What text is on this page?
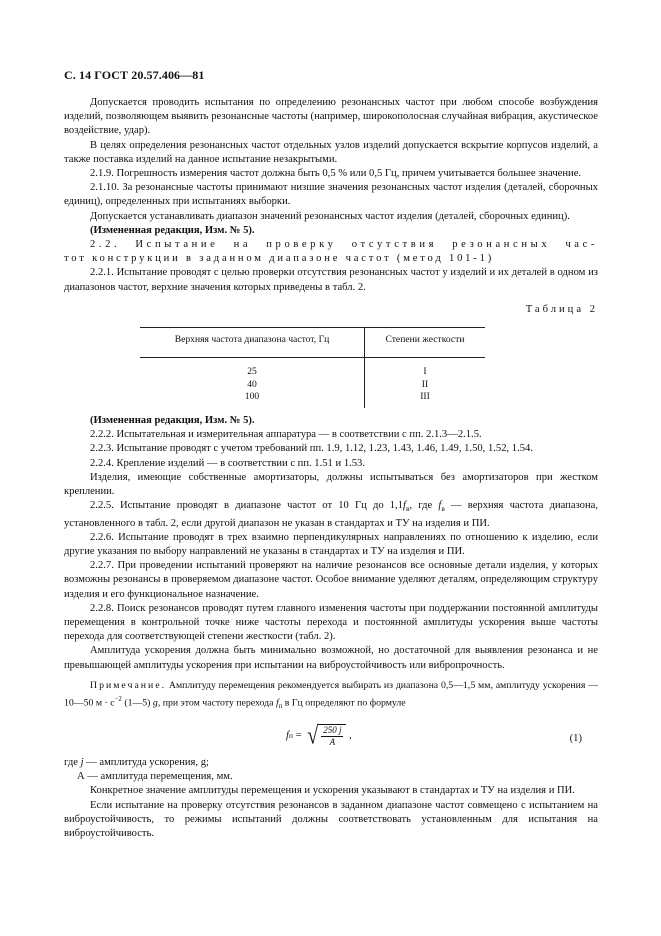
С. 14 ГОСТ 20.57.406—81

Допускается проводить испытания по определению резонансных частот при любом способе возбуждения изделий, позволяющем выявить резонансные частоты (например, широкополосная случайная вибрация, акустическое воздействие, удар).

В целях определения резонансных частот отдельных узлов изделий допускается вскрытие корпусов изделий, а также поставка изделий на данное испытание незакрытыми.

2.1.9. Погрешность измерения частот должна быть 0,5 % или 0,5 Гц, причем учитывается большее значение.

2.1.10. За резонансные частоты принимают низшие значения резонансных частот изделия (деталей, сборочных единиц), определенных при испытаниях выборки.

Допускается устанавливать диапазон значений резонансных частот изделия (деталей, сборочных единиц).

(Измененная редакция, Изм. № 5).

2.2. Испытание на проверку отсутствия резонансных час-

тот конструкции в заданном диапазоне частот (метод 101-1)

2.2.1. Испытание проводят с целью проверки отсутствия резонансных частот у изделий и их деталей в одном из диапазонов частот, верхние значения которых приведены в табл. 2.

Таблица 2
Верхняя частота диапазона частот, Гц	Степени жесткости
25	I
40	II
100	III

(Измененная редакция, Изм. № 5).

2.2.2. Испытательная и измерительная аппаратура — в соответствии с пп. 2.1.3—2.1.5.

2.2.3. Испытание проводят с учетом требований пп. 1.9, 1.12, 1.23, 1.43, 1.46, 1.49, 1.50, 1.52, 1.54.

2.2.4. Крепление изделий — в соответствии с пп. 1.51 и 1.53.

Изделия, имеющие собственные амортизаторы, должны испытываться без амортизаторов при жестком креплении.

2.2.5. Испытание проводят в диапазоне частот от 10 Гц до $1,1f_в$, где $f_в$ — верхняя частота диапазона, установленного в табл. 2, если другой диапазон не указан в стандартах и ТУ на изделия и ПИ.

2.2.6. Испытание проводят в трех взаимно перпендикулярных направлениях по отношению к изделию, если другие указания по выбору направлений не указаны в стандартах и ТУ на изделия и ПИ.

2.2.7. При проведении испытаний проверяют на наличие резонансов все основные детали изделия, у которых возможны резонансы в проверяемом диапазоне частот. Особое внимание уделяют деталям, определяющим структуру изделия и его функциональное назначение.

2.2.8. Поиск резонансов проводят путем главного изменения частоты при поддержании постоянной амплитуды перемещения в контрольной точке ниже частоты перехода и постоянной амплитуды ускорения выше частоты перехода для соответствующей степени жесткости (табл. 2).

Амплитуда ускорения должна быть минимально возможной, но достаточной для выявления резонанса и не превышающей амплитуды ускорения при испытании на виброустойчивость или вибропрочность.

Примечание. Амплитуду перемещения рекомендуется выбирать из диапазона 0,5—1,5 мм, амплитуду ускорения — 10—50 $м \cdot с^{-2}$ (1—5) g, при этом частоту перехода $f_п$ в Гц определяют по формуле

f п = √ $\frac{250 j}{A}$ ,	(1)

где j — амплитуда ускорения, g;

А — амплитуда перемещения, мм.

Конкретное значение амплитуды перемещения и ускорения указывают в стандартах и ТУ на изделия и ПИ.

Если испытание на проверку отсутствия резонансов в заданном диапазоне частот совмещено с испытанием на виброустойчивость, то режимы испытаний должны соответствовать установленным для испытания на виброустойчивость.
